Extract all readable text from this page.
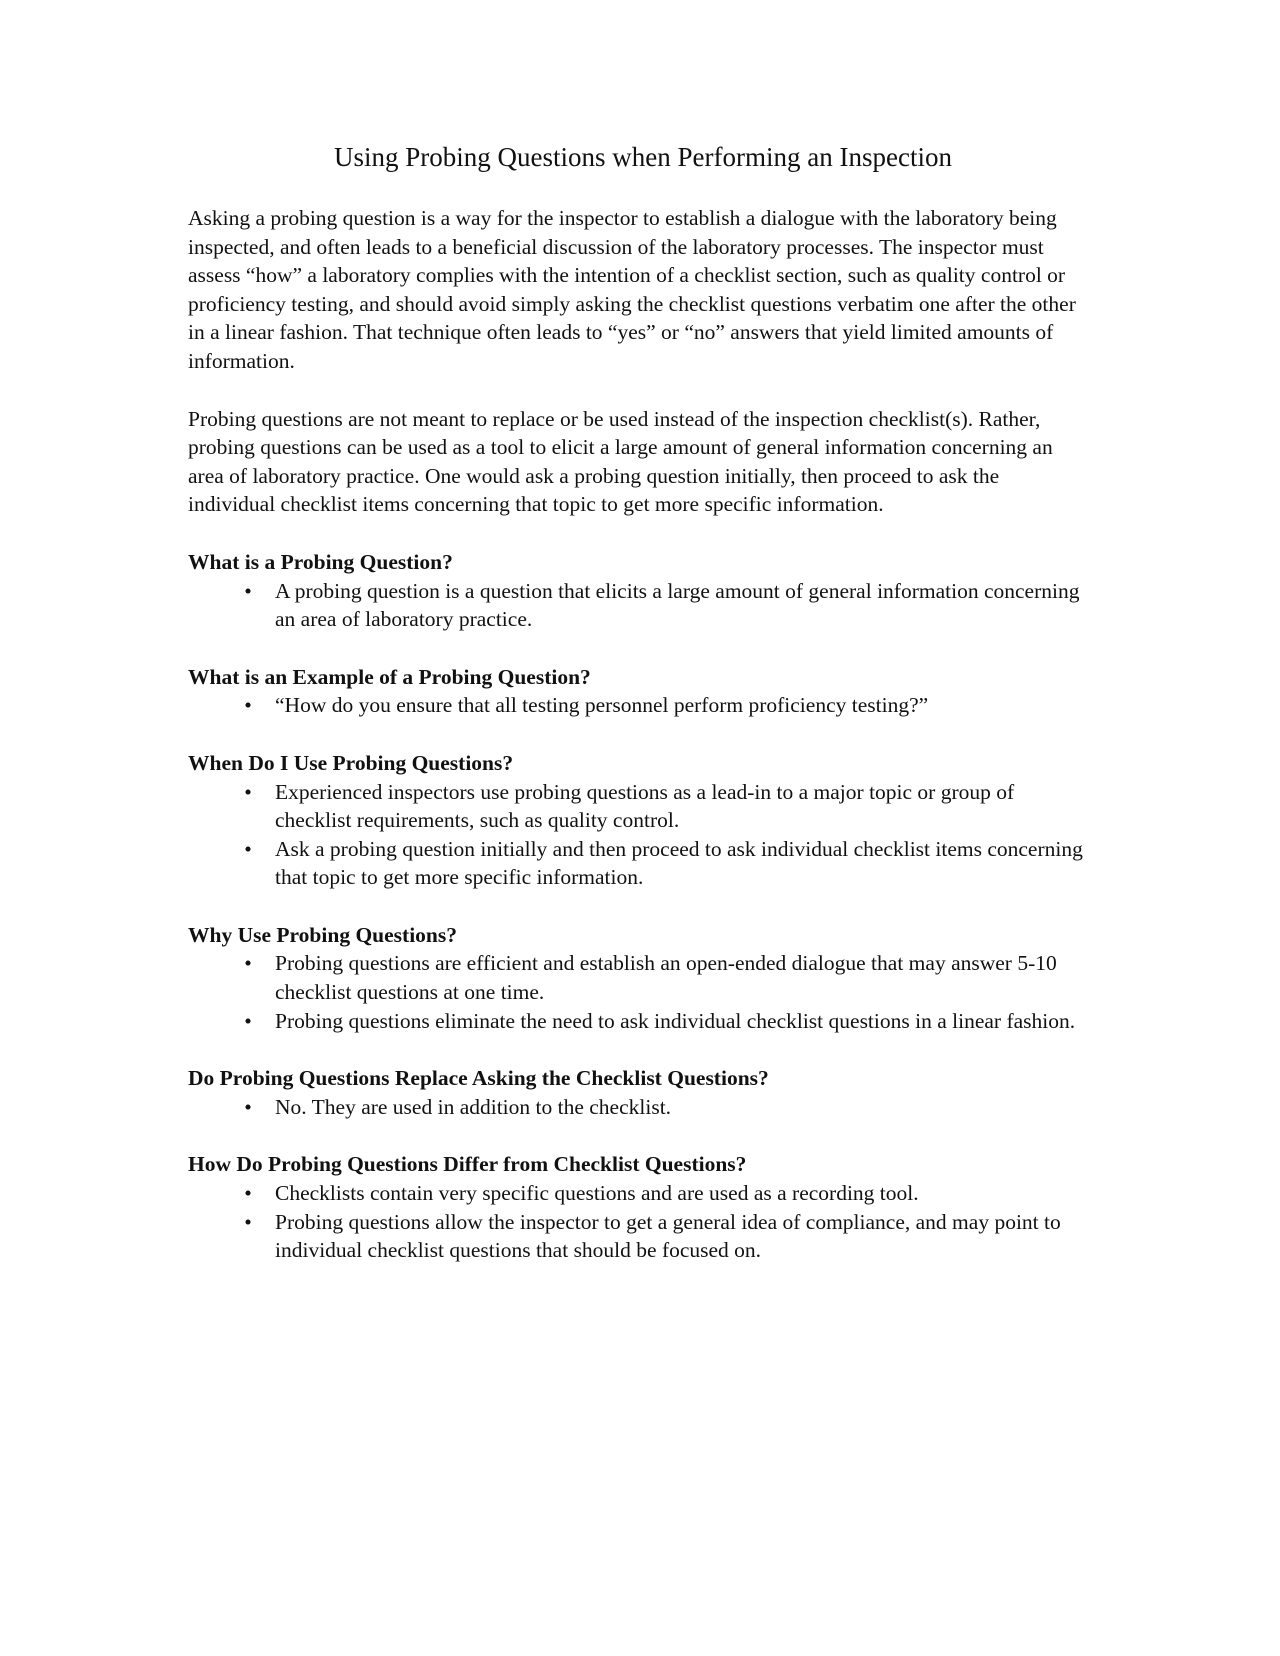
Using Probing Questions when Performing an Inspection

Asking a probing question is a way for the inspector to establish a dialogue with the laboratory being inspected, and often leads to a beneficial discussion of the laboratory processes. The inspector must assess “how” a laboratory complies with the intention of a checklist section, such as quality control or proficiency testing, and should avoid simply asking the checklist questions verbatim one after the other in a linear fashion. That technique often leads to “yes” or “no” answers that yield limited amounts of information.

Probing questions are not meant to replace or be used instead of the inspection checklist(s). Rather, probing questions can be used as a tool to elicit a large amount of general information concerning an area of laboratory practice. One would ask a probing question initially, then proceed to ask the individual checklist items concerning that topic to get more specific information.

What is a Probing Question?
• A probing question is a question that elicits a large amount of general information concerning an area of laboratory practice.
What is an Example of a Probing Question?
• “How do you ensure that all testing personnel perform proficiency testing?”
When Do I Use Probing Questions?
• Experienced inspectors use probing questions as a lead-in to a major topic or group of checklist requirements, such as quality control.
• Ask a probing question initially and then proceed to ask individual checklist items concerning that topic to get more specific information.
Why Use Probing Questions?
• Probing questions are efficient and establish an open-ended dialogue that may answer 5-10 checklist questions at one time.
• Probing questions eliminate the need to ask individual checklist questions in a linear fashion.
Do Probing Questions Replace Asking the Checklist Questions?
• No. They are used in addition to the checklist.
How Do Probing Questions Differ from Checklist Questions?
• Checklists contain very specific questions and are used as a recording tool.
• Probing questions allow the inspector to get a general idea of compliance, and may point to individual checklist questions that should be focused on.
